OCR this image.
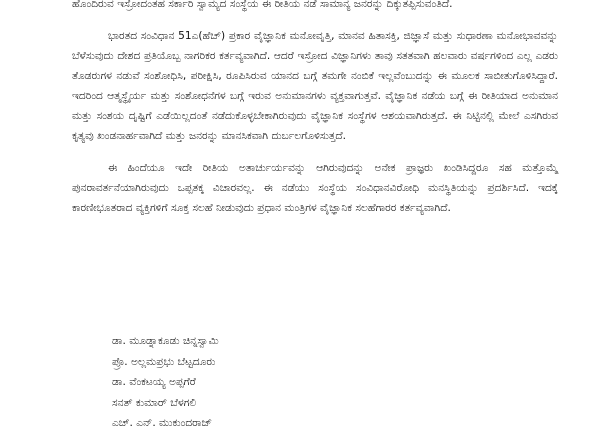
ಹೊಂದಿರುವ ಇಸ್ರೋದಂತಹ ಸರ್ಕಾರಿ ಸ್ವಾಮ್ಯದ ಸಂಸ್ಥೆಯ ಈ ರೀತಿಯ ನಡೆ ಸಾಮಾನ್ಯ ಜನರನ್ನು ದಿಕ್ಕುತಪ್ಪಿಸುವಂತಿದೆ.

ಭಾರತದ ಸಂವಿಧಾನ 51ಎ(ಹೆಚ್) ಪ್ರಕಾರ ವೈಜ್ಞಾನಿಕ ಮನೋವೃತ್ತಿ, ಮಾನವ ಹಿತಾಸಕ್ತಿ, ಜಿಜ್ಞಾಸೆ ಮತ್ತು ಸುಧಾರಣಾ ಮನೋಭಾವವನ್ನು ಬೆಳೆಸುವುದು ದೇಶದ ಪ್ರತಿಯೊಬ್ಬ ನಾಗರಿಕರ ಕರ್ತವ್ಯವಾಗಿದೆ. ಆದರೆ ಇಸ್ರೋದ ವಿಜ್ಞಾನಿಗಳು ತಾವು ಸತತವಾಗಿ ಹಲವಾರು ವರ್ಷಗಳಿಂದ ಎಲ್ಲ ಎಡರು ತೊಡರುಗಳ ನಡುವೆ ಸಂಶೋಧಿಸಿ, ಪರೀಕ್ಷಿಸಿ, ರೂಪಿಸಿರುವ ಯಾನದ ಬಗ್ಗೆ ತಮಗೇ ನಂಬಿಕೆ ಇಲ್ಲವೆಂಬುದನ್ನು ಈ ಮೂಲಕ ಸಾಬೀತುಗೊಳಿಸಿದ್ದಾರೆ. ಇದರಿಂದ ಆತ್ಮಸ್ಥೈರ್ಯ ಮತ್ತು ಸಂಶೋಧನೆಗಳ ಬಗ್ಗೆ ಇರುವ ಅನುಮಾನಗಳು ವ್ಯಕ್ತವಾಗುತ್ತವೆ. ವೈಜ್ಞಾನಿಕ ನಡೆಯ ಬಗ್ಗೆ ಈ ರೀತಿಯಾದ ಅನುಮಾನ ಮತ್ತು ಸಂಶಯ ದೃಷ್ಟಿಗೆ ಎಡೆಯಿಲ್ಲದಂತೆ ನಡೆದುಕೊಳ್ಳಬೇಕಾಗಿರುವುದು ವೈಜ್ಞಾನಿಕ ಸಂಸ್ಥೆಗಳ ಆಶಯವಾಗಿರುತ್ತದೆ. ಈ ನಿಟ್ಟಿನಲ್ಲಿ ಮೇಲೆ ಎಸಗಿರುವ ಕೃತ್ಯವು ಖಂಡನಾರ್ಹವಾಗಿದೆ ಮತ್ತು ಜನರನ್ನು ಮಾನಸಿಕವಾಗಿ ದುರ್ಬಲಗೊಳಿಸುತ್ತದೆ.

ಈ ಹಿಂದೆಯೂ ಇದೇ ರೀತಿಯ ಅತಾರ್ಚುರ್ಯವನ್ನು ಆಗಿರುವುದನ್ನು ಅನೇಕ ಪ್ರಾಜ್ಞರು ಖಂಡಿಸಿದ್ದರೂ ಸಹ ಮತ್ತೊಮ್ಮೆ ಪುನರಾವರ್ತನೆಯಾಗಿರುವುದು ಒಪ್ಪತಕ್ಕ ವಿಚಾರವಲ್ಲ. ಈ ನಡೆಯು ಸಂಸ್ಥೆಯ ಸಂವಿಧಾನವಿರೋಧಿ ಮನಸ್ಥಿತಿಯನ್ನು ಪ್ರದರ್ಶಿಸಿದೆ. ಇದಕ್ಕೆ ಕಾರಣೀಭೂತರಾದ ವ್ಯಕ್ತಿಗಳಿಗೆ ಸೂಕ್ತ ಸಲಹೆ ನೀಡುವುದು ಪ್ರಧಾನ ಮಂತ್ರಿಗಳ ವೈಜ್ಞಾನಿಕ ಸಲಹೆಗಾರರ ಕರ್ತವ್ಯವಾಗಿದೆ.

ಡಾ. ಮೂಡ್ನಾಕೂಡು ಚಿನ್ನಸ್ವಾಮಿ
ಪ್ರೊ. ಅಲ್ಲಮಪ್ರಭು ಬೆಟ್ಟದೂರು
ಡಾ. ವೆಂಕಟಯ್ಯ ಅಪ್ಪಗೆರೆ
ಸನತ್ ಕುಮಾರ್ ಬೆಳಗಲಿ
ಎಚ್. ಎನ್. ಮುಕುಂದರಾಜ್
